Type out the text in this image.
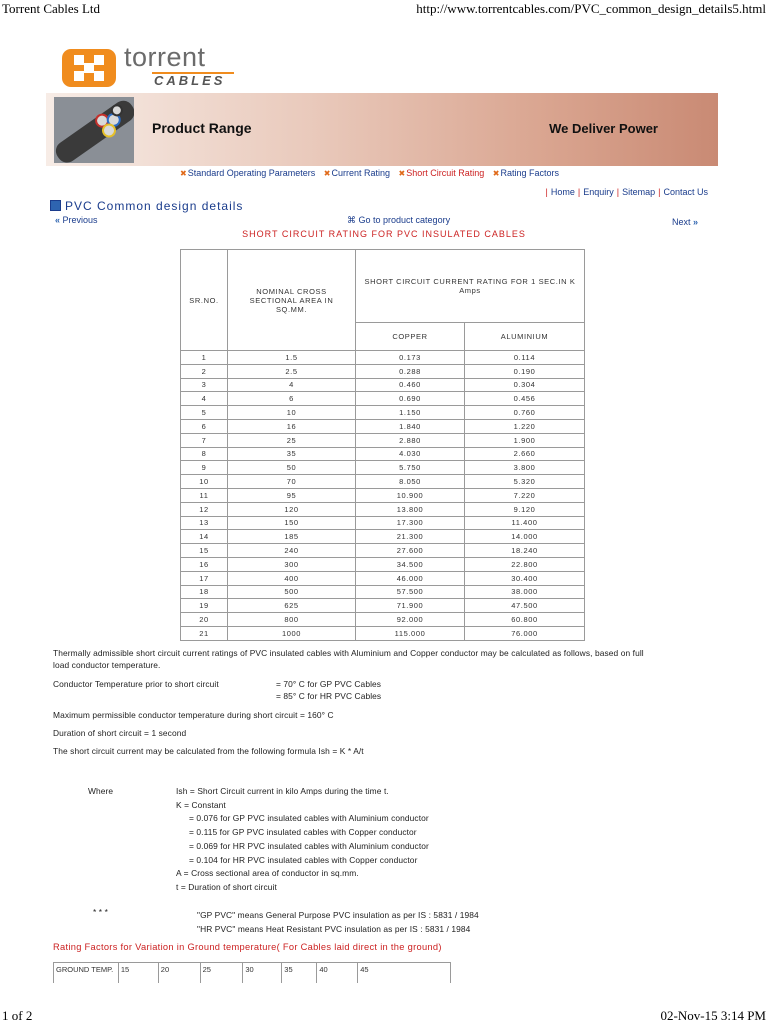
Torrent Cables Ltd	http://www.torrentcables.com/PVC_common_design_details5.html
1 of 2	02-Nov-15 3:14 PM
torrent
CABLES
Product Range	We Deliver Power
✖Standard Operating Parameters ✖Current Rating ✖Short Circuit Rating ✖Rating Factors
| Home | Enquiry | Sitemap | Contact Us
PVC Common design details
« Previous	⌘ Go to product category	Next »
SHORT CIRCUIT RATING FOR PVC INSULATED CABLES
SR.NO.	NOMINAL CROSS SECTIONAL AREA IN SQ.MM.	SHORT CIRCUIT CURRENT RATING FOR 1 SEC.IN K Amps	
		COPPER	ALUMINIUM
1	1.5	0.173	0.114
2	2.5	0.288	0.190
3	4	0.460	0.304
4	6	0.690	0.456
5	10	1.150	0.760
6	16	1.840	1.220
7	25	2.880	1.900
8	35	4.030	2.660
9	50	5.750	3.800
10	70	8.050	5.320
11	95	10.900	7.220
12	120	13.800	9.120
13	150	17.300	11.400
14	185	21.300	14.000
15	240	27.600	18.240
16	300	34.500	22.800
17	400	46.000	30.400
18	500	57.500	38.000
19	625	71.900	47.500
20	800	92.000	60.800
21	1000	115.000	76.000
Thermally admissible short circuit current ratings of PVC insulated cables with Aluminium and Copper conductor may be calculated as follows, based on full
load conductor temperature.
Conductor Temperature prior to short circuit	= 70° C for GP PVC Cables
= 85° C for HR PVC Cables
Maximum permissible conductor temperature during short circuit = 160° C
Duration of short circuit = 1 second
The short circuit current may be calculated from the following formula Ish = K * A/t
Where	Ish = Short Circuit current in kilo Amps during the time t.
K = Constant
= 0.076 for GP PVC insulated cables with Aluminium conductor
= 0.115 for GP PVC insulated cables with Copper conductor
= 0.069 for HR PVC insulated cables with Aluminium conductor
= 0.104 for HR PVC insulated cables with Copper conductor
A = Cross sectional area of conductor in sq.mm.
t = Duration of short circuit
* * *	"GP PVC" means General Purpose PVC insulation as per IS : 5831 / 1984
"HR PVC" means Heat Resistant PVC insulation as per IS : 5831 / 1984
Rating Factors for Variation in Ground temperature( For Cables laid direct in the ground)
GROUND TEMP.	15	20	25	30	35	40	45
